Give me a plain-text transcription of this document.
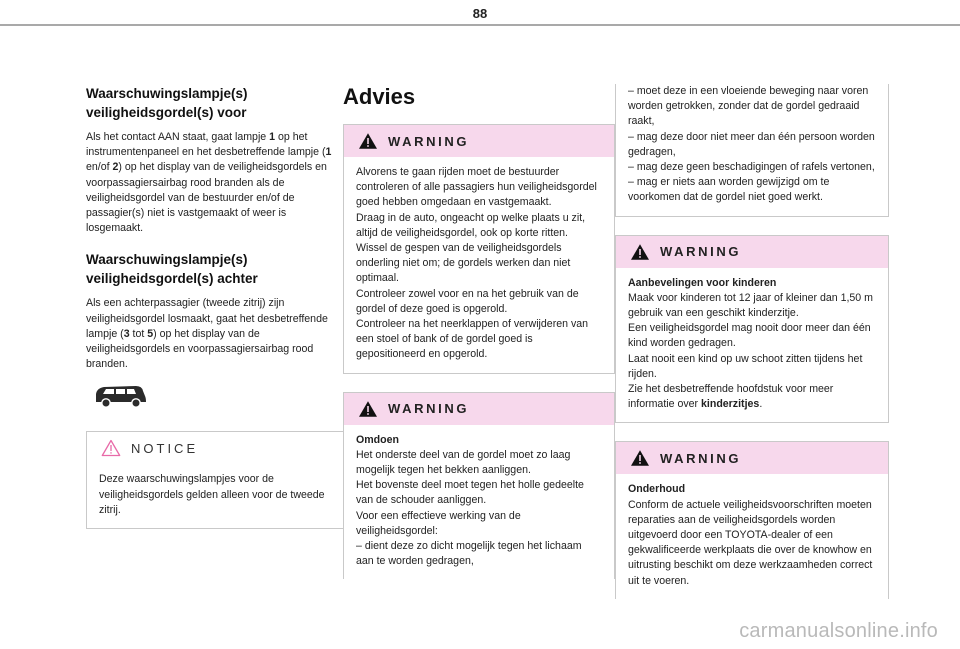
88
Waarschuwingslampje(s)
veiligheidsgordel(s) voor

Als het contact AAN staat, gaat lampje 1 op het instrumentenpaneel en het desbetreffende lampje (1 en/of 2) op het display van de veiligheidsgordels en voorpassagiersairbag rood branden als de veiligheidsgordel van de bestuurder en/of de passagier(s) niet is vastgemaakt of weer is losgemaakt.

Waarschuwingslampje(s)
veiligheidsgordel(s) achter

Als een achterpassagier (tweede zitrij) zijn veiligheidsgordel losmaakt, gaat het desbetreffende lampje (3 tot 5) op het display van de veiligheidsgordels en voorpassagiersairbag rood branden.

NOTICE
Deze waarschuwingslampjes voor de veiligheidsgordels gelden alleen voor de tweede zitrij.
Advies
WARNING
Alvorens te gaan rijden moet de bestuurder controleren of alle passagiers hun veiligheidsgordel goed hebben omgedaan en vastgemaakt.
Draag in de auto, ongeacht op welke plaats u zit, altijd de veiligheidsgordel, ook op korte ritten.
Wissel de gespen van de veiligheidsgordels onderling niet om; de gordels werken dan niet optimaal.
Controleer zowel voor en na het gebruik van de gordel of deze goed is opgerold.
Controleer na het neerklappen of verwijderen van een stoel of bank of de gordel goed is gepositioneerd en opgerold.
WARNING
Omdoen
Het onderste deel van de gordel moet zo laag mogelijk tegen het bekken aanliggen.
Het bovenste deel moet tegen het holle gedeelte van de schouder aanliggen.
Voor een effectieve werking van de veiligheidsgordel:
– dient deze zo dicht mogelijk tegen het lichaam aan te worden gedragen,
– moet deze in een vloeiende beweging naar voren worden getrokken, zonder dat de gordel gedraaid raakt,
– mag deze door niet meer dan één persoon worden gedragen,
– mag deze geen beschadigingen of rafels vertonen,
– mag er niets aan worden gewijzigd om te voorkomen dat de gordel niet goed werkt.
WARNING
Aanbevelingen voor kinderen
Maak voor kinderen tot 12 jaar of kleiner dan 1,50 m gebruik van een geschikt kinderzitje.
Een veiligheidsgordel mag nooit door meer dan één kind worden gedragen.
Laat nooit een kind op uw schoot zitten tijdens het rijden.
Zie het desbetreffende hoofdstuk voor meer informatie over kinderzitjes.
WARNING
Onderhoud
Conform de actuele veiligheidsvoorschriften moeten reparaties aan de veiligheidsgordels worden uitgevoerd door een TOYOTA-dealer of een gekwalificeerde werkplaats die over de knowhow en uitrusting beschikt om deze werkzaamheden correct uit te voeren.
carmanualsonline.info
